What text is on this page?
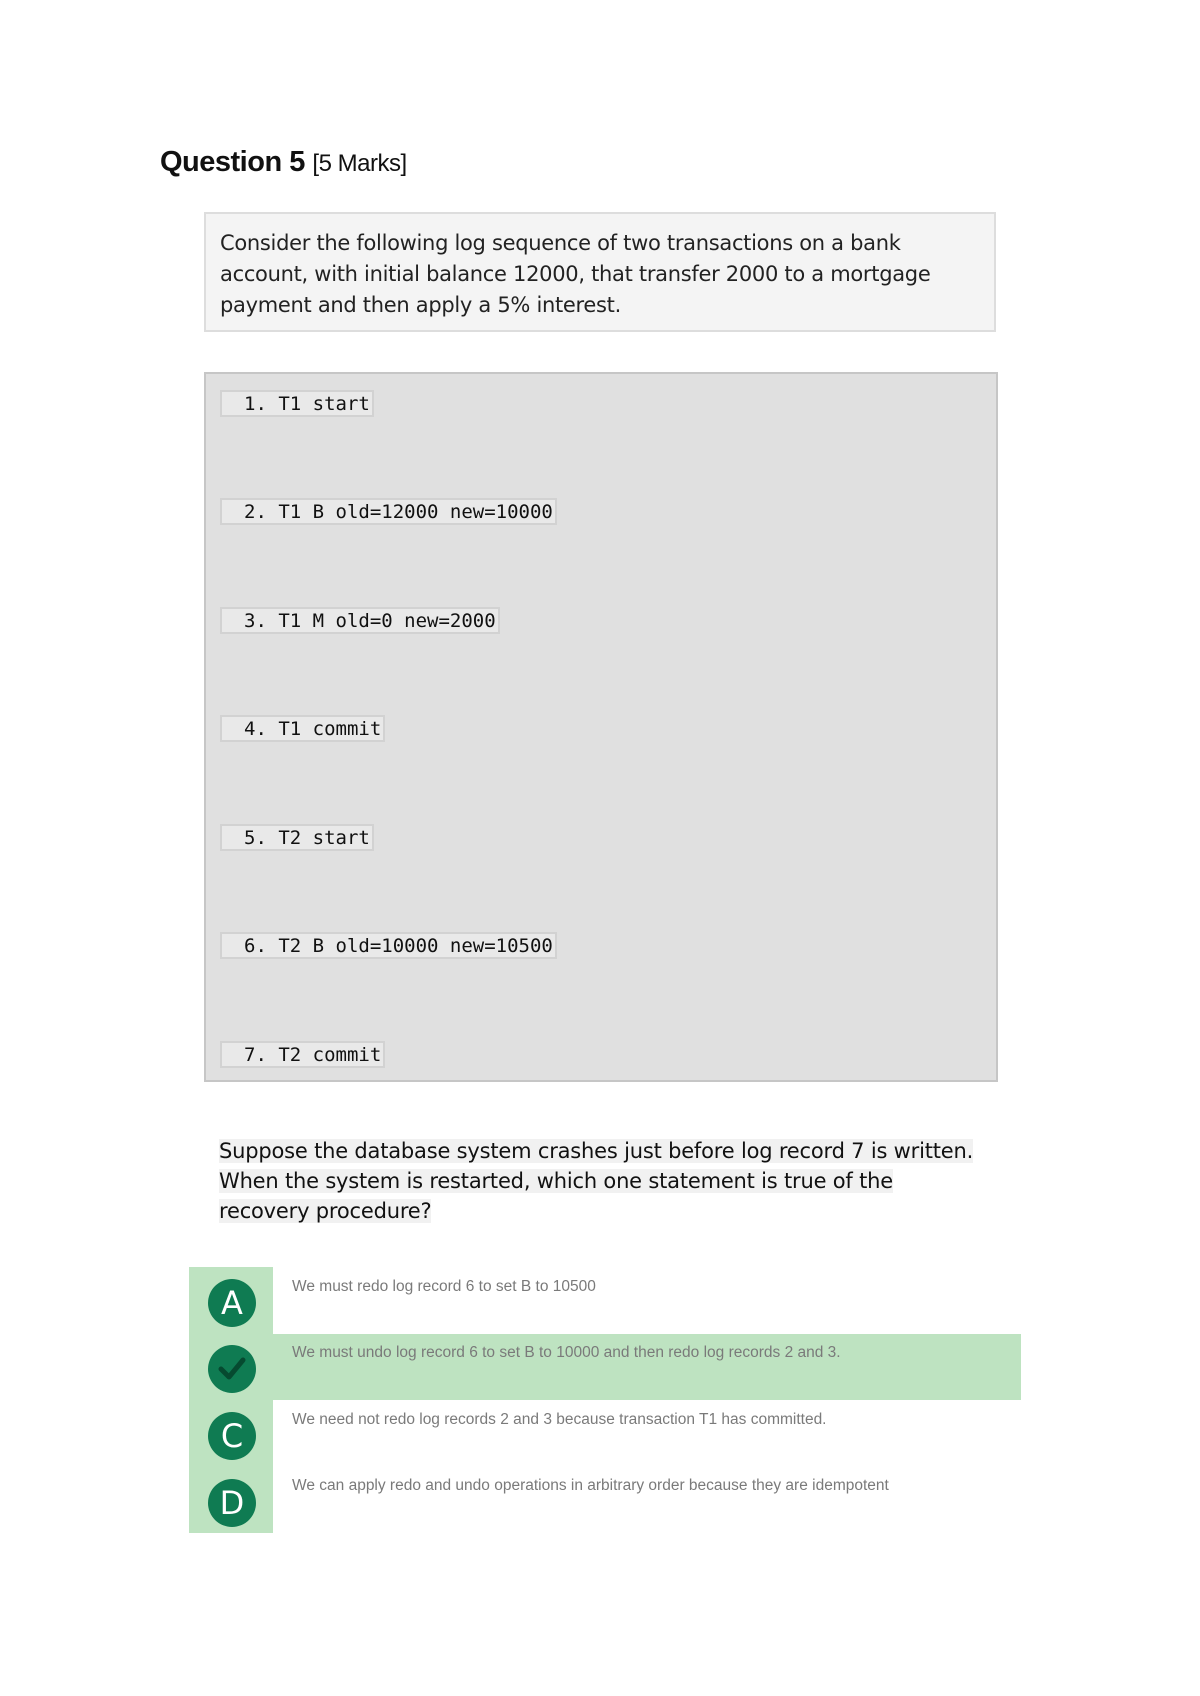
Question 5 [5 Marks]
Consider the following log sequence of two transactions on a bank account, with initial balance 12000, that transfer 2000 to a mortgage payment and then apply a 5% interest.
1. T1 start
2. T1 B old=12000 new=10000
3. T1 M old=0 new=2000
4. T1 commit
5. T2 start
6. T2 B old=10000 new=10500
7. T2 commit
Suppose the database system crashes just before log record 7 is written.
When the system is restarted, which one statement is true of the
recovery procedure?
A	We must redo log record 6 to set B to 10500
We must undo log record 6 to set B to 10000 and then redo log records 2 and 3.
C	We need not redo log records 2 and 3 because transaction T1 has committed.
D	We can apply redo and undo operations in arbitrary order because they are idempotent
